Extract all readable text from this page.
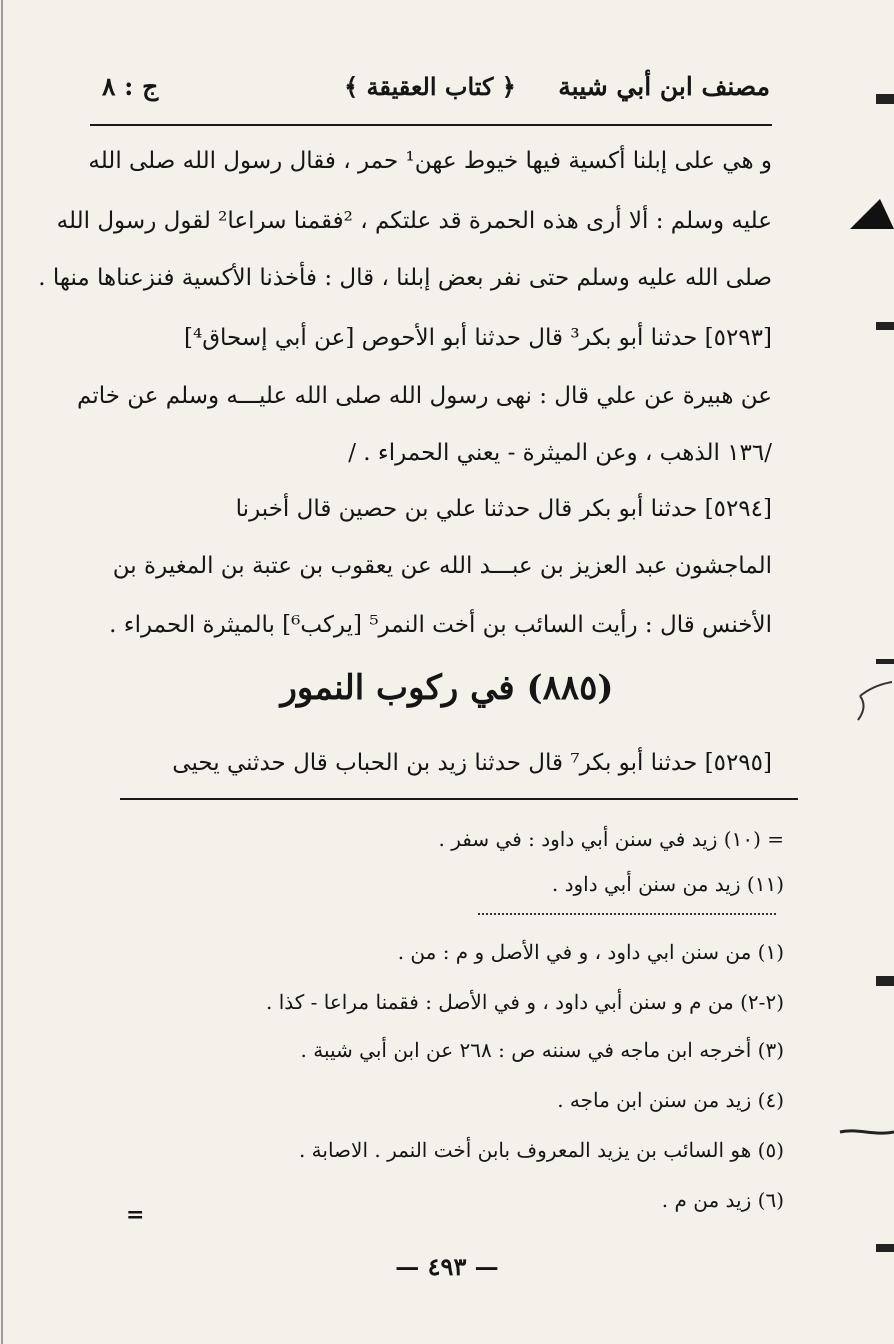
مصنف ابن أبي شيبة
﴿ كتاب العقيقة ﴾
ج : ٨
و هي على إبلنا أكسية فيها خيوط عهن¹ حمر ، فقال رسول الله صلى الله
عليه وسلم : ألا أرى هذه الحمرة قد علتكم ، ²فقمنا سراعا² لقول رسول الله
صلى الله عليه وسلم حتى نفر بعض إبلنا ، قال : فأخذنا الأكسية فنزعناها منها .
[٥٢٩٣] حدثنا أبو بكر³ قال حدثنا أبو الأحوص [عن أبي إسحاق⁴]
عن هبيرة عن علي قال : نهى رسول الله صلى الله عليـــه وسلم عن خاتم
/١٣٦ الذهب ، وعن الميثرة - يعني الحمراء . /
[٥٢٩٤] حدثنا أبو بكر قال حدثنا علي بن حصين قال أخبرنا
الماجشون عبد العزيز بن عبـــد الله عن يعقوب بن عتبة بن المغيرة بن
الأخنس قال : رأيت السائب بن أخت النمر⁵ [يركب⁶] بالميثرة الحمراء .
(٨٨٥) في ركوب النمور
[٥٢٩٥] حدثنا أبو بكر⁷ قال حدثنا زيد بن الحباب قال حدثني يحيى
= (١٠) زيد في سنن أبي داود : في سفر .
(١١) زيد من سنن أبي داود .
(١) من سنن ابي داود ، و في الأصل و م : من .
(٢-٢) من م و سنن أبي داود ، و في الأصل : فقمنا مراعا - كذا .
(٣) أخرجه ابن ماجه في سننه ص : ٢٦٨ عن ابن أبي شيبة .
(٤) زيد من سنن ابن ماجه .
(٥) هو السائب بن يزيد المعروف بابن أخت النمر . الاصابة .
(٦) زيد من م .
=
— ٤٩٣ —
